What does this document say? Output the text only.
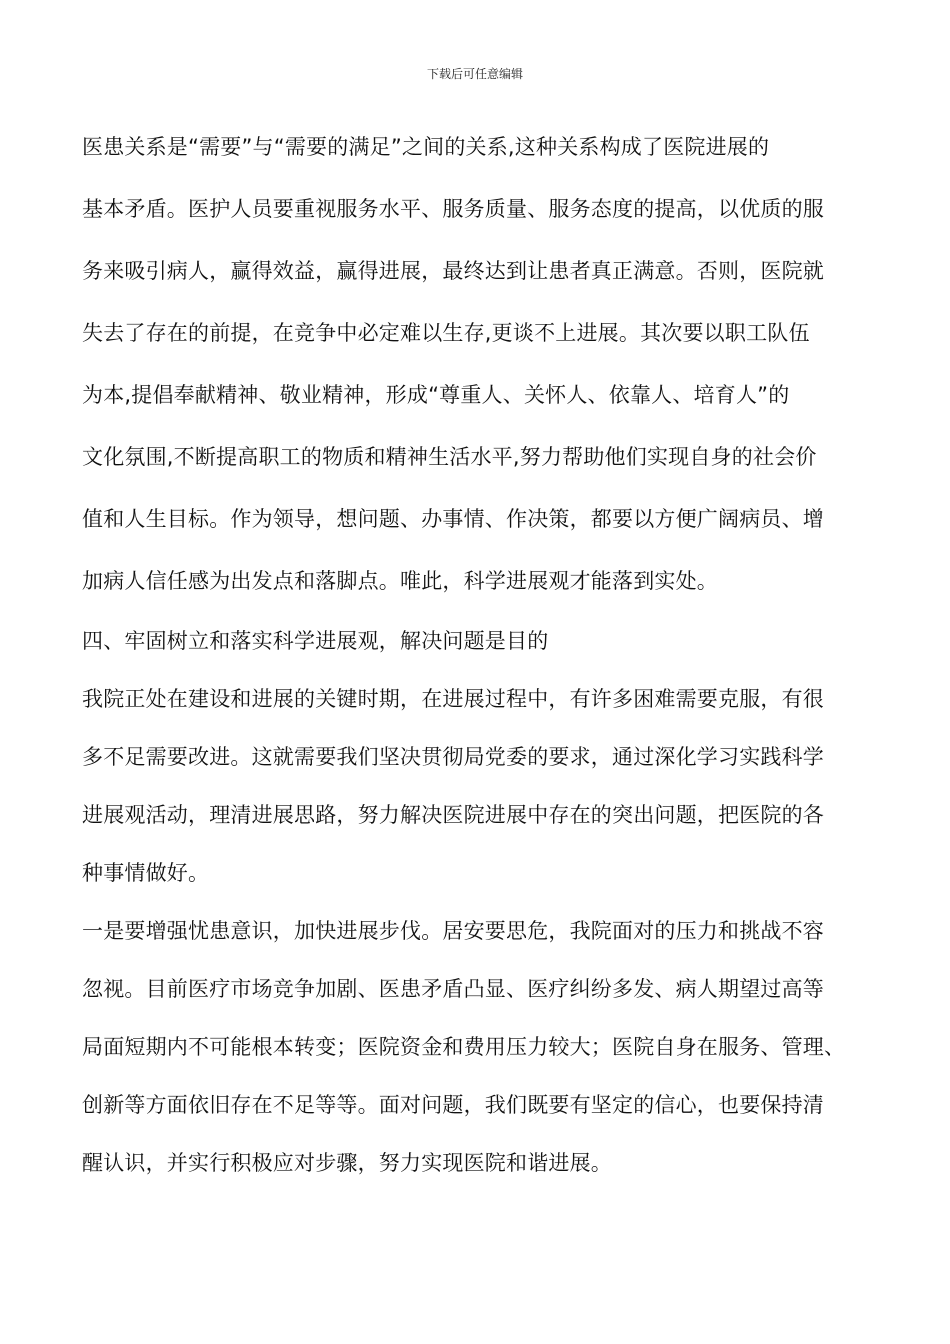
下载后可任意编辑

医患关系是“需要”与“需要的满足”之间的关系,这种关系构成了医院进展的
基本矛盾。医护人员要重视服务水平、服务质量、服务态度的提高，以优质的服
务来吸引病人，赢得效益，赢得进展，最终达到让患者真正满意。否则，医院就
失去了存在的前提，在竞争中必定难以生存,更谈不上进展。其次要以职工队伍
为本,提倡奉献精神、敬业精神，形成“尊重人、关怀人、依靠人、培育人”的
文化氛围,不断提高职工的物质和精神生活水平,努力帮助他们实现自身的社会价
值和人生目标。作为领导，想问题、办事情、作决策，都要以方便广阔病员、增
加病人信任感为出发点和落脚点。唯此，科学进展观才能落到实处。

四、牢固树立和落实科学进展观，解决问题是目的

我院正处在建设和进展的关键时期，在进展过程中，有许多困难需要克服，有很
多不足需要改进。这就需要我们坚决贯彻局党委的要求，通过深化学习实践科学
进展观活动，理清进展思路，努力解决医院进展中存在的突出问题，把医院的各
种事情做好。

一是要增强忧患意识，加快进展步伐。居安要思危，我院面对的压力和挑战不容
忽视。目前医疗市场竞争加剧、医患矛盾凸显、医疗纠纷多发、病人期望过高等
局面短期内不可能根本转变；医院资金和费用压力较大；医院自身在服务、管理、
创新等方面依旧存在不足等等。面对问题，我们既要有坚定的信心，也要保持清
醒认识，并实行积极应对步骤，努力实现医院和谐进展。
